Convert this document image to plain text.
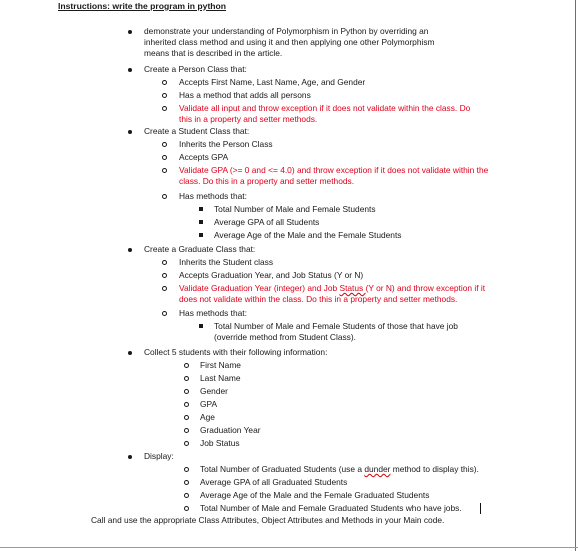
Instructions: write the program in python
demonstrate your understanding of Polymorphism in Python by overriding an
inherited class method and using it and then applying one other Polymorphism
means that is described in the article.
Create a Person Class that:
Accepts First Name, Last Name, Age, and Gender
Has a method that adds all persons
Validate all input and throw exception if it does not validate within the class. Do
this in a property and setter methods.
Create a Student Class that:
Inherits the Person Class
Accepts GPA
Validate GPA (>= 0 and <= 4.0) and throw exception if it does not validate within the
class. Do this in a property and setter methods.
Has methods that:
Total Number of Male and Female Students
Average GPA of all Students
Average Age of the Male and the Female Students
Create a Graduate Class that:
Inherits the Student class
Accepts Graduation Year, and Job Status (Y or N)
Validate Graduation Year (integer) and Job Status (Y or N) and throw exception if it
does not validate within the class. Do this in a property and setter methods.
Has methods that:
Total Number of Male and Female Students of those that have job
(override method from Student Class).
Collect 5 students with their following information:
First Name
Last Name
Gender
GPA
Age
Graduation Year
Job Status
Display:
Total Number of Graduated Students (use a dunder method to display this).
Average GPA of all Graduated Students
Average Age of the Male and the Female Graduated Students
Total Number of Male and Female Graduated Students who have jobs.
Call and use the appropriate Class Attributes, Object Attributes and Methods in your Main code.
